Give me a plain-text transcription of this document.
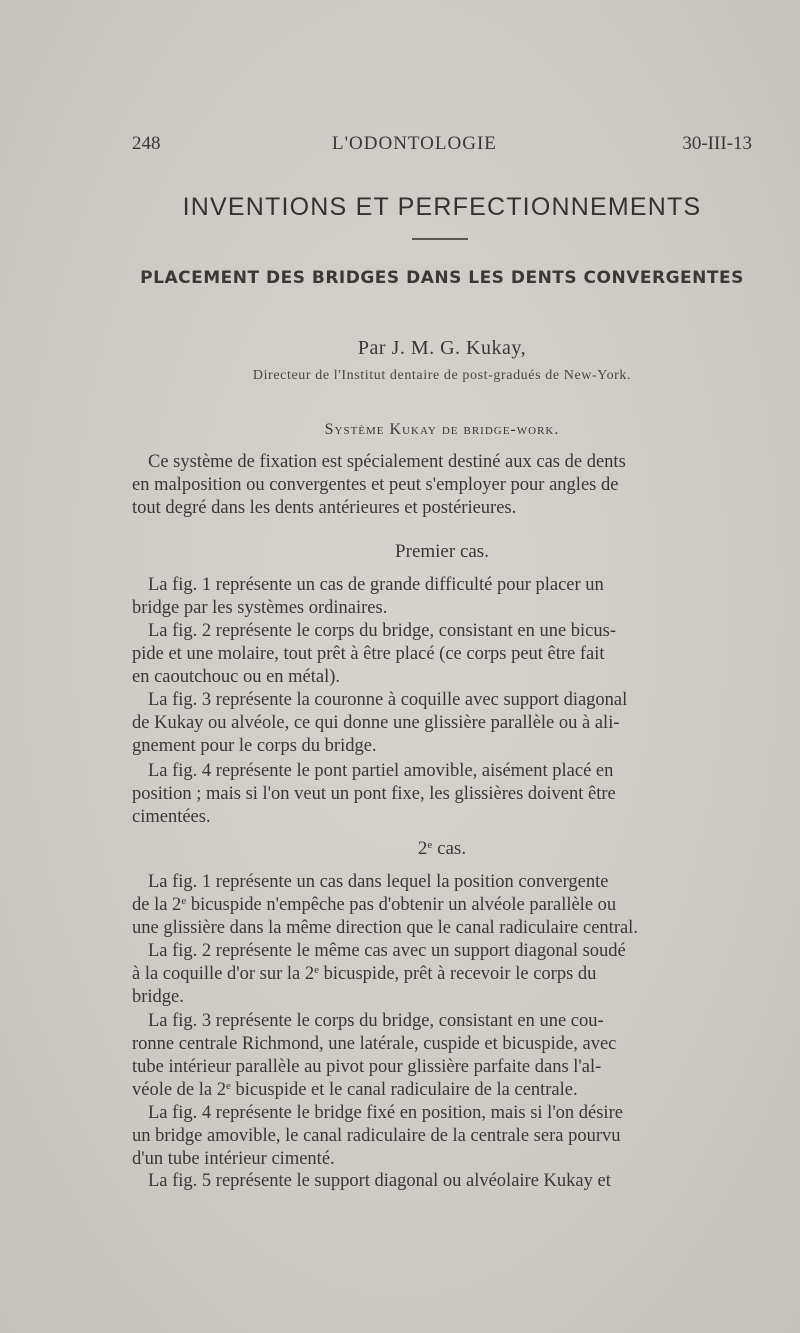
248	L'ODONTOLOGIE	30-III-13
INVENTIONS ET PERFECTIONNEMENTS
PLACEMENT DES BRIDGES DANS LES DENTS CONVERGENTES
Par J. M. G. Kukay,
Directeur de l'Institut dentaire de post-gradués de New-York.
Système Kukay de bridge-work.
Ce système de fixation est spécialement destiné aux cas de dents
en malposition ou convergentes et peut s'employer pour angles de
tout degré dans les dents antérieures et postérieures.
Premier cas.
La fig. 1 représente un cas de grande difficulté pour placer un
bridge par les systèmes ordinaires.
La fig. 2 représente le corps du bridge, consistant en une bicus-
pide et une molaire, tout prêt à être placé (ce corps peut être fait
en caoutchouc ou en métal).
La fig. 3 représente la couronne à coquille avec support diagonal
de Kukay ou alvéole, ce qui donne une glissière parallèle ou à ali-
gnement pour le corps du bridge.
La fig. 4 représente le pont partiel amovible, aisément placé en
position ; mais si l'on veut un pont fixe, les glissières doivent être
cimentées.
2e cas.
La fig. 1 représente un cas dans lequel la position convergente
de la 2e bicuspide n'empêche pas d'obtenir un alvéole parallèle ou
une glissière dans la même direction que le canal radiculaire central.
La fig. 2 représente le même cas avec un support diagonal soudé
à la coquille d'or sur la 2e bicuspide, prêt à recevoir le corps du
bridge.
La fig. 3 représente le corps du bridge, consistant en une cou-
ronne centrale Richmond, une latérale, cuspide et bicuspide, avec
tube intérieur parallèle au pivot pour glissière parfaite dans l'al-
véole de la 2e bicuspide et le canal radiculaire de la centrale.
La fig. 4 représente le bridge fixé en position, mais si l'on désire
un bridge amovible, le canal radiculaire de la centrale sera pourvu
d'un tube intérieur cimenté.
La fig. 5 représente le support diagonal ou alvéolaire Kukay et
